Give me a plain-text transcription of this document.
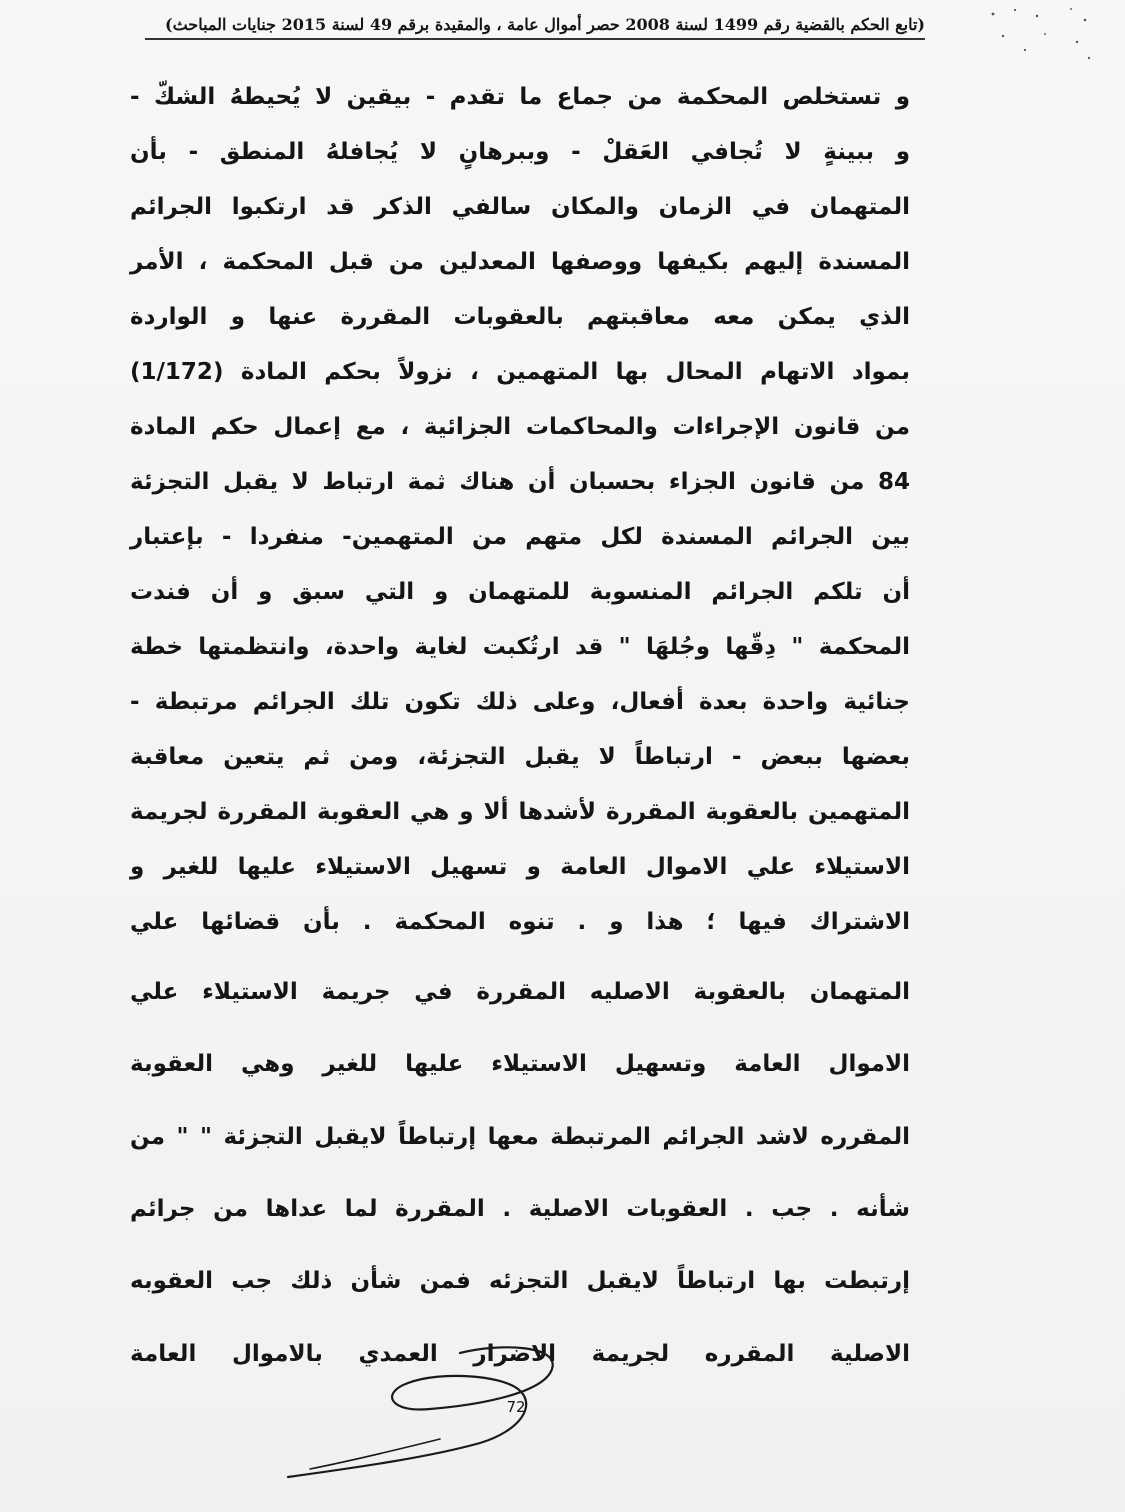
(تابع الحكم بالقضية رقم 1499 لسنة 2008 حصر أموال عامة ، والمقيدة برقم 49 لسنة 2015 جنايات المباحث)
و تستخلص المحكمة من جماع ما تقدم - بيقين لا يُحيطهُ الشكّ -
و ببينةٍ لا تُجافي العَقلْ - وببرهانٍ لا يُجافلهُ المنطق - بأن
المتهمان في الزمان والمكان سالفي الذكر قد ارتكبوا الجرائم
المسندة إليهم بكيفها ووصفها المعدلين من قبل المحكمة ، الأمر
الذي يمكن معه معاقبتهم بالعقوبات المقررة عنها و الواردة
بمواد الاتهام المحال بها المتهمين ، نزولاً بحكم المادة (1/172)
من قانون الإجراءات والمحاكمات الجزائية ، مع إعمال حكم المادة
84 من قانون الجزاء بحسبان أن هناك ثمة ارتباط لا يقبل التجزئة
بين الجرائم المسندة لكل متهم من المتهمين- منفردا - بإعتبار
أن تلكم الجرائم المنسوبة للمتهمان و التي سبق و أن فندت
المحكمة " دِقّها وجُلهَا " قد ارتُكبت لغاية واحدة، وانتظمتها خطة
جنائية واحدة بعدة أفعال، وعلى ذلك تكون تلك الجرائم مرتبطة -
بعضها ببعض - ارتباطاً لا يقبل التجزئة، ومن ثم يتعين معاقبة
المتهمين بالعقوبة المقررة لأشدها ألا و هي العقوبة المقررة لجريمة
الاستيلاء علي الاموال العامة و تسهيل الاستيلاء عليها للغير و
الاشتراك فيها ؛ هذا و . تنوه المحكمة . بأن قضائها علي
المتهمان بالعقوبة الاصليه المقررة في جريمة الاستيلاء علي
الاموال العامة وتسهيل الاستيلاء عليها للغير وهي العقوبة
المقرره لاشد الجرائم المرتبطة معها إرتباطاً لايقبل التجزئة " " من
شأنه . جب . العقوبات الاصلية . المقررة لما عداها من جرائم
إرتبطت بها ارتباطاً لايقبل التجزئه فمن شأن ذلك جب العقوبه
الاصلية المقرره لجريمة الاضرار العمدي بالاموال العامة
72
